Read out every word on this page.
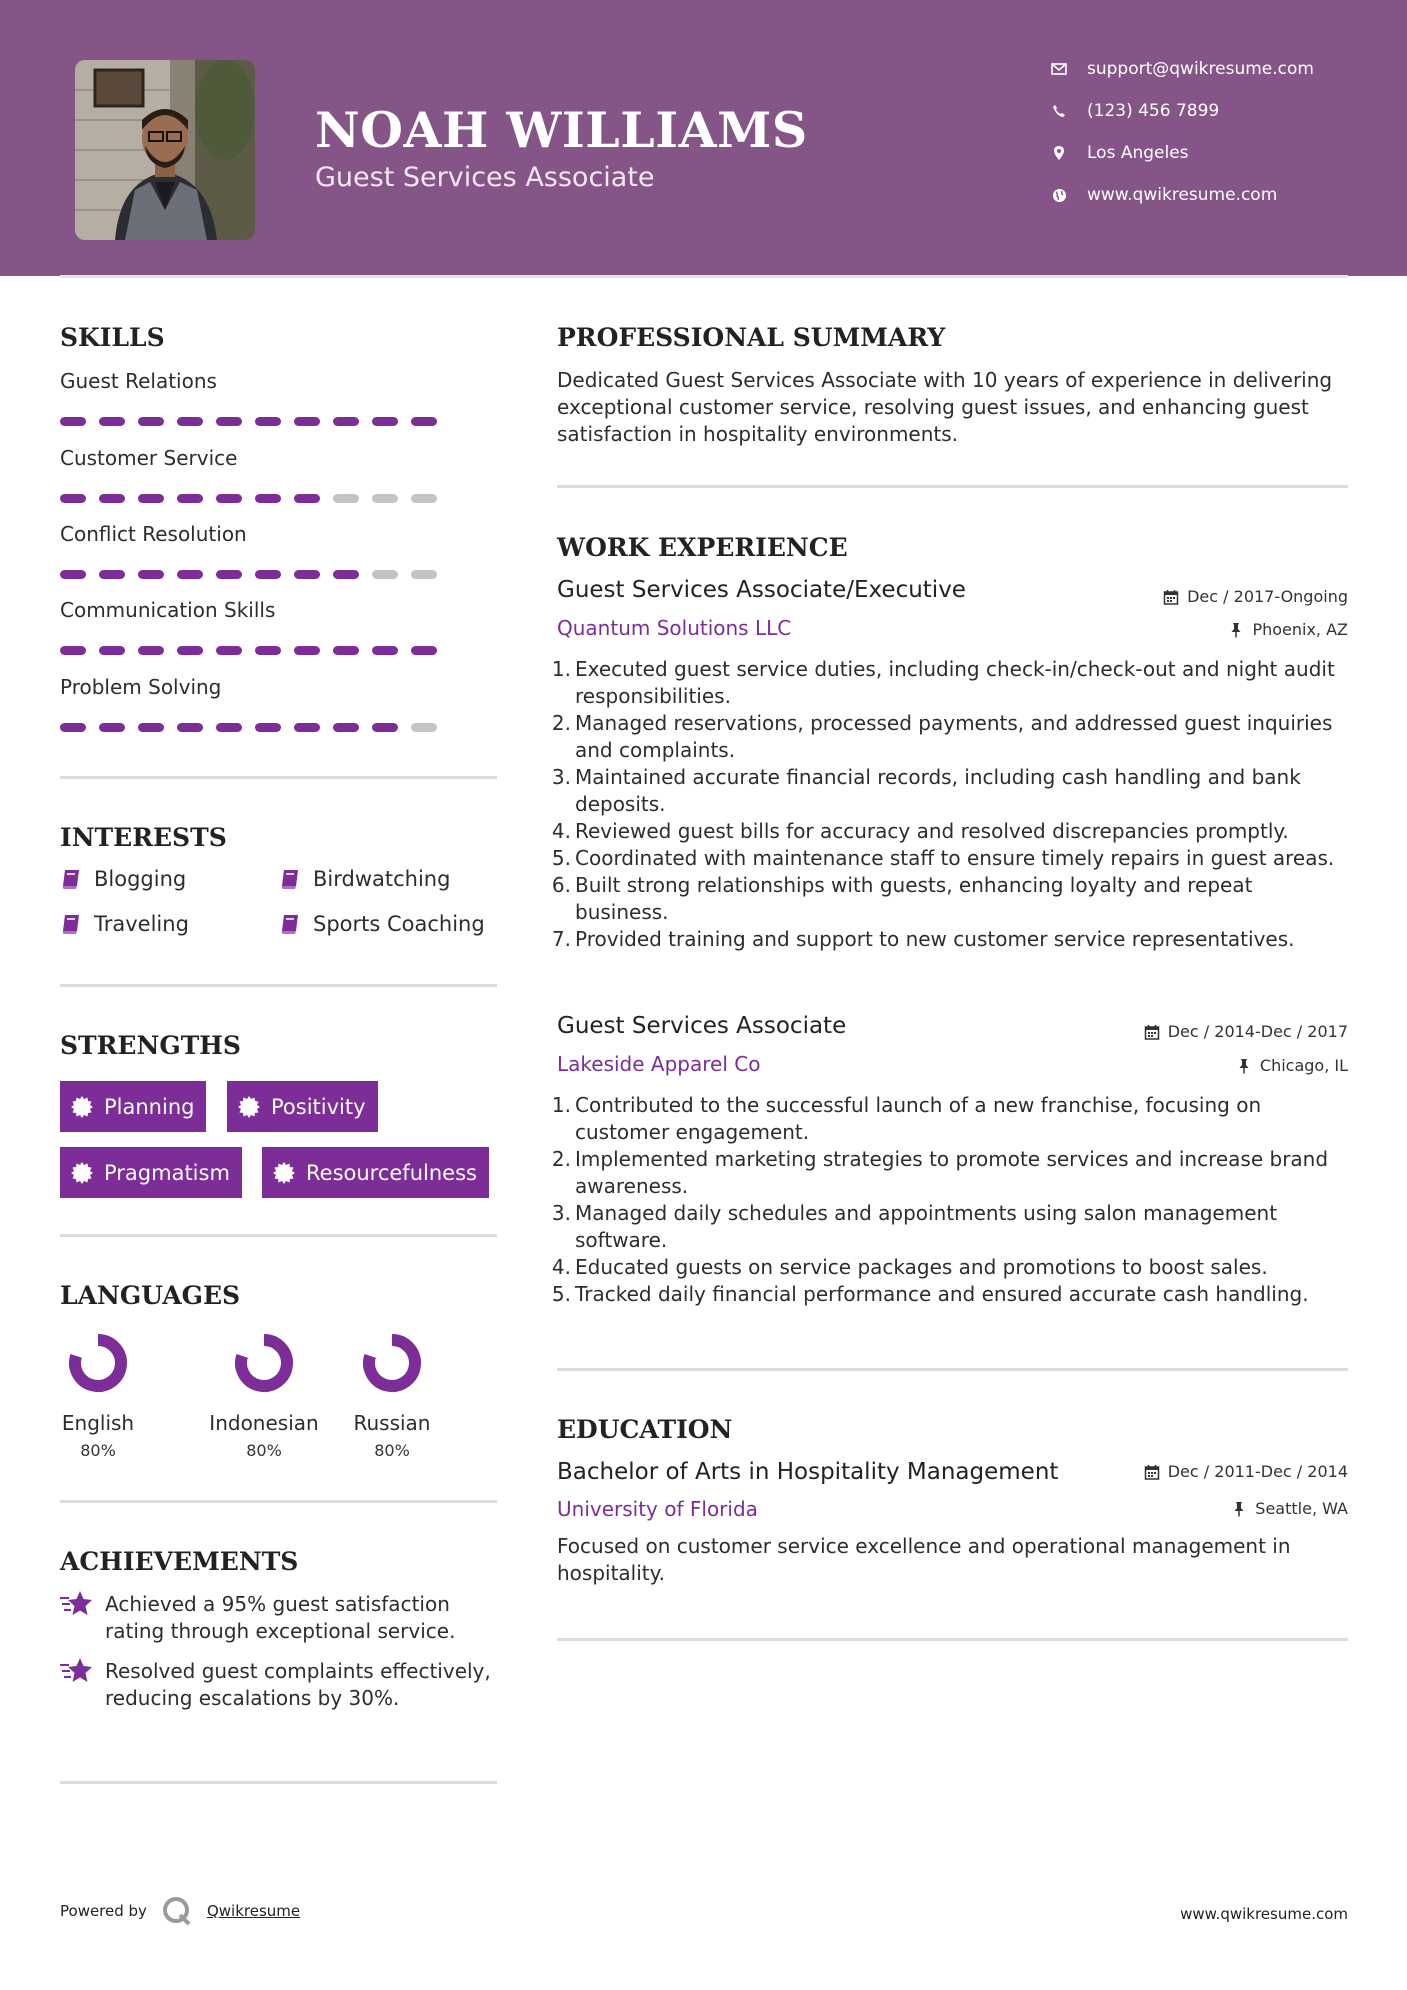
NOAH WILLIAMS
Guest Services Associate
support@qwikresume.com
(123) 456 7899
Los Angeles
www.qwikresume.com
SKILLS
Guest Relations
Customer Service
Conflict Resolution
Communication Skills
Problem Solving
INTERESTS
Blogging	Birdwatching
Traveling	Sports Coaching
STRENGTHS
Planning	Positivity
Pragmatism	Resourcefulness
LANGUAGES
English
80%
Indonesian
80%
Russian
80%
ACHIEVEMENTS
Achieved a 95% guest satisfaction rating through exceptional service.
Resolved guest complaints effectively, reducing escalations by 30%.
PROFESSIONAL SUMMARY
Dedicated Guest Services Associate with 10 years of experience in delivering exceptional customer service, resolving guest issues, and enhancing guest satisfaction in hospitality environments.
WORK EXPERIENCE
Guest Services Associate/Executive	Dec / 2017-Ongoing
Quantum Solutions LLC	Phoenix, AZ
1. Executed guest service duties, including check-in/check-out and night audit responsibilities.
2. Managed reservations, processed payments, and addressed guest inquiries and complaints.
3. Maintained accurate financial records, including cash handling and bank deposits.
4. Reviewed guest bills for accuracy and resolved discrepancies promptly.
5. Coordinated with maintenance staff to ensure timely repairs in guest areas.
6. Built strong relationships with guests, enhancing loyalty and repeat business.
7. Provided training and support to new customer service representatives.
Guest Services Associate	Dec / 2014-Dec / 2017
Lakeside Apparel Co	Chicago, IL
1. Contributed to the successful launch of a new franchise, focusing on customer engagement.
2. Implemented marketing strategies to promote services and increase brand awareness.
3. Managed daily schedules and appointments using salon management software.
4. Educated guests on service packages and promotions to boost sales.
5. Tracked daily financial performance and ensured accurate cash handling.
EDUCATION
Bachelor of Arts in Hospitality Management	Dec / 2011-Dec / 2014
University of Florida	Seattle, WA
Focused on customer service excellence and operational management in hospitality.
Powered by	Qwikresume	www.qwikresume.com
